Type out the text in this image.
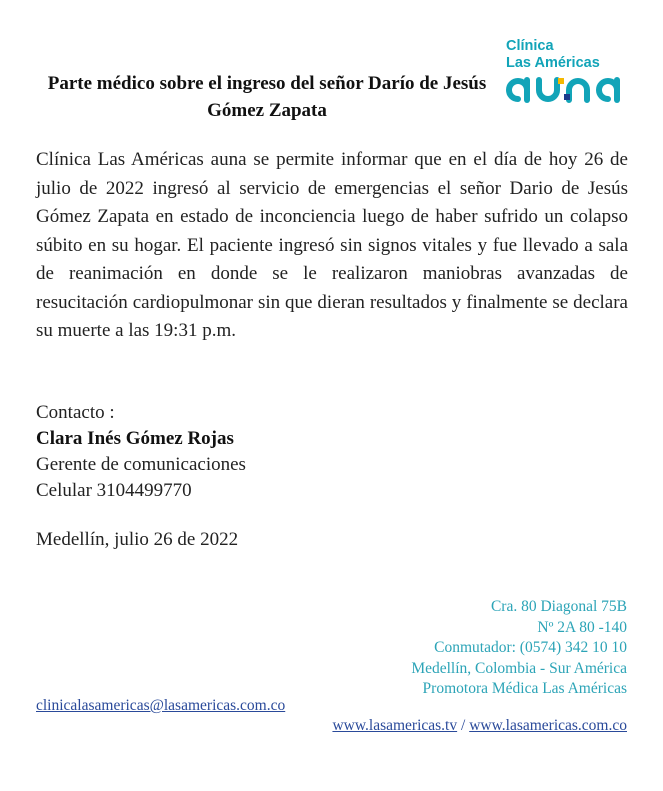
Parte médico sobre el ingreso del señor Darío de Jesús Gómez Zapata
Clínica
Las Américas
Clínica Las Américas auna se permite informar que en el día de hoy 26 de julio de 2022 ingresó al servicio de emergencias el señor Dario de Jesús Gómez Zapata en estado de inconciencia luego de haber sufrido un colapso súbito en su hogar. El paciente ingresó sin signos vitales y fue llevado a sala de reanimación en donde se le realizaron maniobras avanzadas de resucitación cardiopulmonar sin que dieran resultados y finalmente se declara su muerte a las 19:31 p.m.
Contacto :
Clara Inés Gómez Rojas
Gerente de comunicaciones
Celular 3104499770
Medellín, julio 26 de 2022
Cra. 80 Diagonal 75B
Nº 2A 80 -140
Conmutador: (0574) 342 10 10
Medellín, Colombia - Sur América
Promotora Médica Las Américas
clinicalasamericas@lasamericas.com.co
www.lasamericas.tv / www.lasamericas.com.co
